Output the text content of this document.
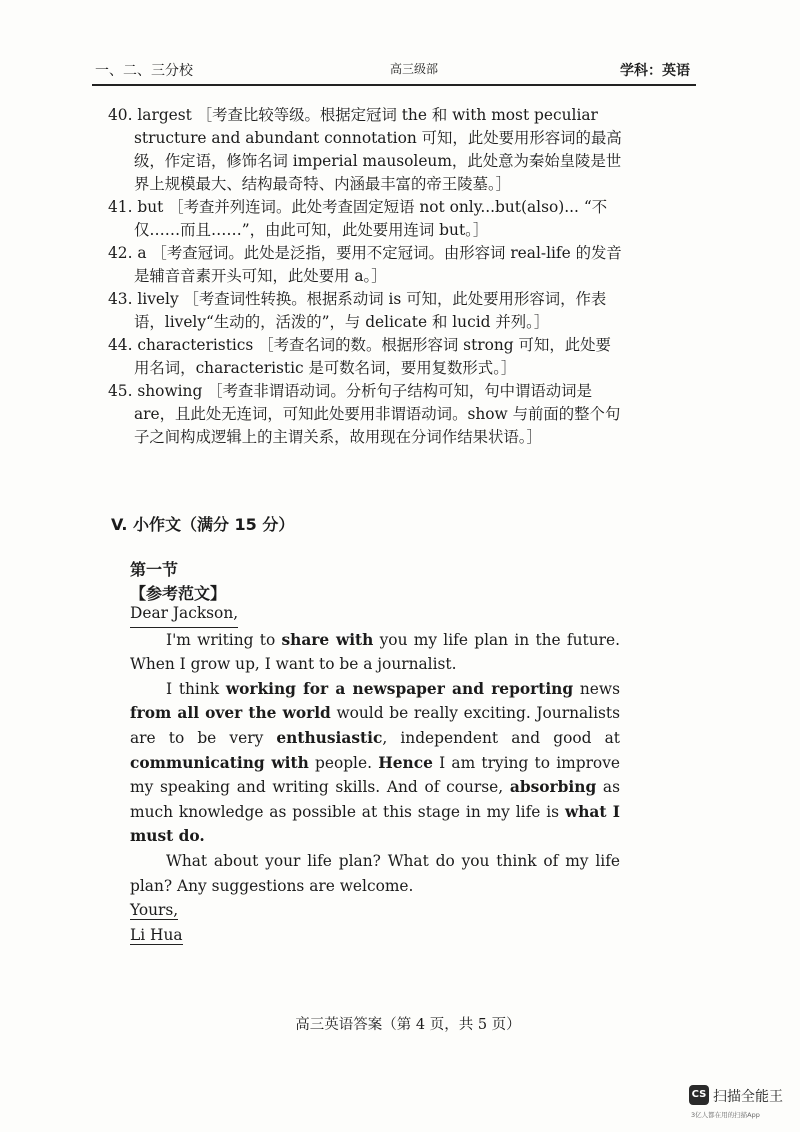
一、二、三分校	高三级部	学科：英语

40. largest ［考查比较等级。根据定冠词 the 和 with most peculiar structure and abundant connotation 可知，此处要用形容词的最高级，作定语，修饰名词 imperial mausoleum，此处意为秦始皇陵是世界上规模最大、结构最奇特、内涵最丰富的帝王陵墓。］

41. but ［考查并列连词。此处考查固定短语 not only...but(also)... “不仅……而且……”，由此可知，此处要用连词 but。］

42. a ［考查冠词。此处是泛指，要用不定冠词。由形容词 real-life 的发音是辅音音素开头可知，此处要用 a。］

43. lively ［考查词性转换。根据系动词 is 可知，此处要用形容词，作表语，lively“生动的，活泼的”，与 delicate 和 lucid 并列。］

44. characteristics ［考查名词的数。根据形容词 strong 可知，此处要用名词，characteristic 是可数名词，要用复数形式。］

45. showing ［考查非谓语动词。分析句子结构可知，句中谓语动词是 are，且此处无连词，可知此处要用非谓语动词。show 与前面的整个句子之间构成逻辑上的主谓关系，故用现在分词作结果状语。］

V. 小作文（满分 15 分）
第一节
【参考范文】
Dear Jackson,

I'm writing to share with you my life plan in the future. When I grow up, I want to be a journalist.

I think working for a newspaper and reporting news from all over the world would be really exciting. Journalists are to be very enthusiastic, independent and good at communicating with people. Hence I am trying to improve my speaking and writing skills. And of course, absorbing as much knowledge as possible at this stage in my life is what I must do.

What about your life plan? What do you think of my life plan? Any suggestions are welcome.

Yours,

Li Hua

高三英语答案（第 4 页，共 5 页）
CS 扫描全能王
3亿人都在用的扫描App
